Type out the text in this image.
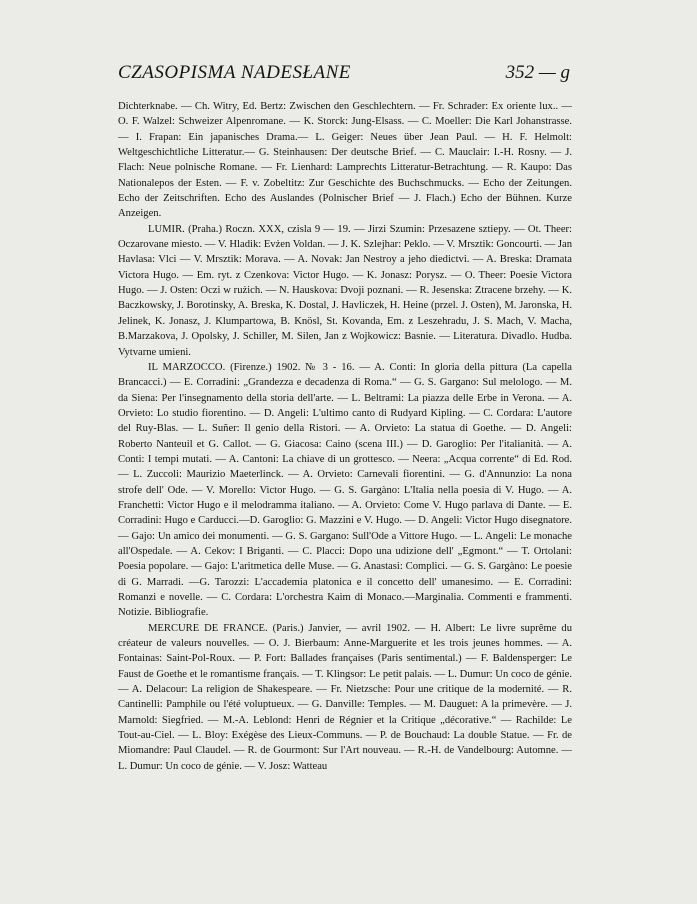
CZASOPISMA NADESŁANE	352 — g

Dichterknabe. — Ch. Witry, Ed. Bertz: Zwischen den Geschlechtern. — Fr. Schrader: Ex oriente lux.. — O. F. Walzel: Schweizer Alpenromane. — K. Storck: Jung-Elsass. — C. Moeller: Die Karl Johanstrasse. — I. Frapan: Ein japanisches Drama.— L. Geiger: Neues über Jean Paul. — H. F. Helmolt: Weltgeschichtliche Litteratur.— G. Steinhausen: Der deutsche Brief. — C. Mauclair: I.-H. Rosny. — J. Flach: Neue polnische Romane. — Fr. Lienhard: Lamprechts Litteratur-Betrachtung. — R. Kaupo: Das Nationalepos der Esten. — F. v. Zobeltitz: Zur Geschichte des Buchschmucks. — Echo der Zeitungen. Echo der Zeitschriften. Echo des Auslandes (Polnischer Brief — J. Flach.) Echo der Bühnen. Kurze Anzeigen.

LUMIR. (Praha.) Roczn. XXX, czisla 9 — 19. — Jirzi Szumin: Przesazene sztiepy. — Ot. Theer: Oczarovane miesto. — V. Hladik: Evżen Voldan. — J. K. Szlejhar: Peklo. — V. Mrsztik: Goncourti. — Jan Havlasa: Vlci — V. Mrsztik: Morava. — A. Novak: Jan Nestroy a jeho diedictvi. — A. Breska: Dramata Victora Hugo. — Em. ryt. z Czenkova: Victor Hugo. — K. Jonasz: Porysz. — O. Theer: Poesie Victora Hugo. — J. Osten: Oczi w rużich. — N. Hauskova: Dvoji poznani. — R. Jesenska: Ztracene brzehy. — K. Baczkowsky, J. Borotinsky, A. Breska, K. Dostal, J. Havliczek, H. Heine (przel. J. Osten), M. Jaronska, H. Jelinek, K. Jonasz, J. Klumpartowa, B. Knösl, St. Kovanda, Em. z Leszehradu, J. S. Mach, V. Macha, B.Marzakova, J. Opolsky, J. Schiller, M. Silen, Jan z Wojkowicz: Basnie. — Literatura. Divadlo. Hudba. Vytvarne umieni.

IL MARZOCCO. (Firenze.) 1902. № 3 - 16. — A. Conti: In gloria della pittura (La capella Brancacci.) — E. Corradini: „Grandezza e decadenza di Roma.“ — G. S. Gargano: Sul melologo. — M. da Siena: Per l'insegnamento della storia dell'arte. — L. Beltrami: La piazza delle Erbe in Verona. — A. Orvieto: Lo studio fiorentino. — D. Angeli: L'ultimo canto di Rudyard Kipling. — C. Cordara: L'autore del Ruy-Blas. — L. Suñer: Il genio della Ristori. — A. Orvieto: La statua di Goethe. — D. Angeli: Roberto Nanteuil et G. Callot. — G. Giacosa: Caino (scena III.) — D. Garoglio: Per l'italianità. — A. Conti: I tempi mutati. — A. Cantoni: La chiave di un grottesco. — Neera: „Acqua corrente“ di Ed. Rod. — L. Zuccoli: Maurizio Maeterlinck. — A. Orvieto: Carnevali fiorentini. — G. d'Annunzio: La nona strofe dell' Ode. — V. Morello: Victor Hugo. — G. S. Gargàno: L'Italia nella poesia di V. Hugo. — A. Franchetti: Victor Hugo e il melodramma italiano. — A. Orvieto: Come V. Hugo parlava di Dante. — E. Corradini: Hugo e Carducci.—D. Garoglio: G. Mazzini e V. Hugo. — D. Angeli: Victor Hugo disegnatore. — Gajo: Un amico dei monumenti. — G. S. Gargano: Sull'Ode a Vittore Hugo. — L. Angeli: Le monache all'Ospedale. — A. Cekov: I Briganti. — C. Placci: Dopo una udizione dell' „Egmont.“ — T. Ortolani: Poesia popolare. — Gajo: L'aritmetica delle Muse. — G. Anastasi: Complici. — G. S. Gargàno: Le poesie di G. Marradi. —G. Tarozzi: L'accademia platonica e il concetto dell' umanesimo. — E. Corradini: Romanzi e novelle. — C. Cordara: L'orchestra Kaim di Monaco.—Marginalia. Commenti e frammenti. Notizie. Bibliografie.

MERCURE DE FRANCE. (Paris.) Janvier, — avril 1902. — H. Albert: Le livre suprême du créateur de valeurs nouvelles. — O. J. Bierbaum: Anne-Marguerite et les trois jeunes hommes. — A. Fontainas: Saint-Pol-Roux. — P. Fort: Ballades françaises (Paris sentimental.) — F. Baldensperger: Le Faust de Goethe et le romantisme français. — T. Klingsor: Le petit palais. — L. Dumur: Un coco de génie. — A. Delacour: La religion de Shakespeare. — Fr. Nietzsche: Pour une critique de la modernité. — R. Cantinelli: Pamphile ou l'été voluptueux. — G. Danville: Temples. — M. Dauguet: A la primevère. — J. Marnold: Siegfried. — M.-A. Leblond: Henri de Régnier et la Critique „décorative.“ — Rachilde: Le Tout-au-Ciel. — L. Bloy: Exégèse des Lieux-Communs. — P. de Bouchaud: La double Statue. — Fr. de Miomandre: Paul Claudel. — R. de Gourmont: Sur l'Art nouveau. — R.-H. de Vandelbourg: Automne. — L. Dumur: Un coco de génie. — V. Josz: Watteau
